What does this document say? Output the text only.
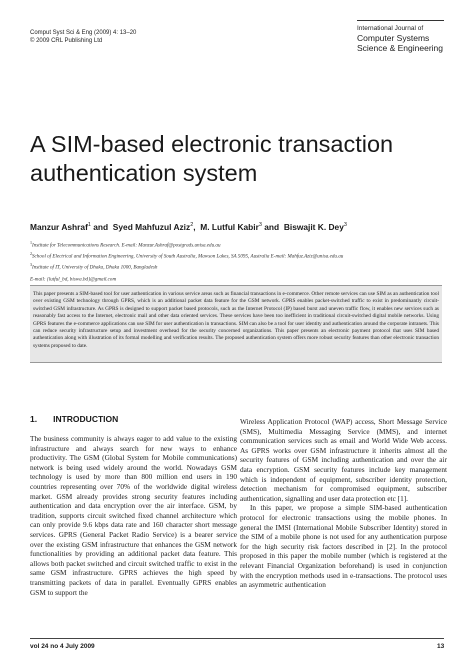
Comput Syst Sci & Eng (2009) 4: 13–20
© 2009 CRL Publishing Ltd
International Journal of
Computer Systems
Science & Engineering
A SIM-based electronic transaction
authentication system
Manzur Ashraf$^1$ and  Syed Mahfuzul Aziz$^2$,  M. Lutful Kabir$^3$ and  Biswajit K. Dey$^3$
$^1$Institute for Telecommunications Research. E-mail: Manzur.Ashraf@postgrads.unisa.edu.au
$^2$School of Electrical and Information Engineering, University of South Australia, Mawson Lakes, SA 5095, Australia E-mail: Mahfuz.Aziz@unisa.edu.au
$^3$Institute of IT, University of Dhaka, Dhaka 1000, Bangladesh
E-mail: {lutful_bd, biswa.bd}@gmail.com
This paper presents a SIM-based tool for user authentication in various service areas such as financial transactions in e-commerce. Other remote services can use SIM as an authentication tool over existing GSM technology through GPRS, which is an additional packet data feature for the GSM network. GPRS enables packet-switched traffic to exist in predominantly circuit-switched GSM infrastructure. As GPRS is designed to support packet based protocols, such as the Internet Protocol (IP) based burst and uneven traffic flow, it enables new services such as reasonably fast access to the Internet, electronic mail and other data oriented services. These services have been too inefficient in traditional circuit-switched digital mobile networks. Using GPRS features the e-commerce applications can use SIM for user authentication in transactions. SIM can also be a tool for user identity and authentication around the corporate intranets. This can reduce security infrastructure setup and investment overhead for the security concerned organizations. This paper presents an electronic payment protocol that uses SIM based authentication along with illustration of its formal modelling and verification results. The proposed authentication system offers more robust security features than other electronic transaction systems proposed to date.
1. INTRODUCTION

The business community is always eager to add value to the existing infrastructure and always search for new ways to enhance productivity. The GSM (Global System for Mobile communications) network is being used widely around the world. Nowadays GSM technology is used by more than 800 million end users in 190 countries representing over 70% of the worldwide digital wireless market. GSM already provides strong security features including authentication and data encryption over the air interface. GSM, by tradition, supports circuit switched fixed channel architecture which can only provide 9.6 kbps data rate and 160 character short message services. GPRS (General Packet Radio Service) is a bearer service over the existing GSM infrastructure that enhances the GSM network functionalities by providing an additional packet data feature. This allows both packet switched and circuit switched traffic to exist in the same GSM infrastructure. GPRS achieves the high speed by transmitting packets of data in parallel. Eventually GPRS enables GSM to support the

Wireless Application Protocol (WAP) access, Short Message Service (SMS), Multimedia Messaging Service (MMS), and internet communication services such as email and World Wide Web access. As GPRS works over GSM infrastructure it inherits almost all the security features of GSM including authentication and over the air data encryption. GSM security features include key management which is independent of equipment, subscriber identity protection, detection mechanism for compromised equipment, subscriber authentication, signalling and user data protection etc [1].

In this paper, we propose a simple SIM-based authentication protocol for electronic transactions using the mobile phones. In general the IMSI (International Mobile Subscriber Identity) stored in the SIM of a mobile phone is not used for any authentication purpose for the high security risk factors described in [2]. In the protocol proposed in this paper the mobile number (which is registered at the relevant Financial Organization beforehand) is used in conjunction with the encryption methods used in e-transactions. The protocol uses an asymmetric authentication

vol 24 no 4 July 2009	13
